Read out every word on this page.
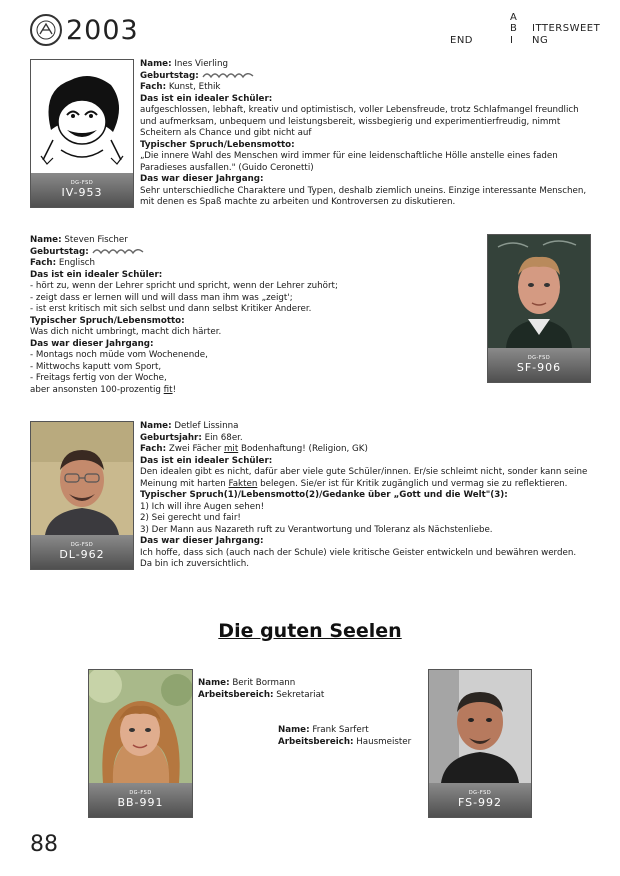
2003	A
B ITTERSWEET
END	I NG
DG-FSD
IV-953

Name: Ines Vierling

Geburtstag:

Fach: Kunst, Ethik

Das ist ein idealer Schüler:

aufgeschlossen, lebhaft, kreativ und optimistisch, voller Lebensfreude, trotz Schlafmangel freundlich und aufmerksam, unbequem und leistungsbereit, wissbegierig und experimentierfreudig, nimmt Scheitern als Chance und gibt nicht auf

Typischer Spruch/Lebensmotto:

„Die innere Wahl des Menschen wird immer für eine leidenschaftliche Hölle anstelle eines faden Paradieses ausfallen." (Guido Ceronetti)

Das war dieser Jahrgang:

Sehr unterschiedliche Charaktere und Typen, deshalb ziemlich uneins. Einzige interessante Menschen, mit denen es Spaß machte zu arbeiten und Kontroversen zu diskutieren.

Name: Steven Fischer

Geburtstag:

Fach: Englisch

Das ist ein idealer Schüler:

- hört zu, wenn der Lehrer spricht und spricht, wenn der Lehrer zuhört;

- zeigt dass er lernen will und will dass man ihm was „zeigt';

- ist erst kritisch mit sich selbst und dann selbst Kritiker Anderer.

Typischer Spruch/Lebensmotto:

Was dich nicht umbringt, macht dich härter.

Das war dieser Jahrgang:

- Montags noch müde vom Wochenende,

- Mittwochs kaputt vom Sport,

- Freitags fertig von der Woche,

aber ansonsten 100-prozentig fit!

DG-FSD
SF-906
DG-FSD
DL-962

Name: Detlef Lissinna

Geburtsjahr: Ein 68er.

Fach: Zwei Fächer mit Bodenhaftung! (Religion, GK)

Das ist ein idealer Schüler:

Den idealen gibt es nicht, dafür aber viele gute Schüler/innen. Er/sie schleimt nicht, sonder kann seine Meinung mit harten Fakten belegen. Sie/er ist für Kritik zugänglich und vermag sie zu reflektieren.

Typischer Spruch(1)/Lebensmotto(2)/Gedanke über „Gott und die Welt"(3):

1) Ich will ihre Augen sehen!

2) Sei gerecht und fair!

3) Der Mann aus Nazareth ruft zu Verantwortung und Toleranz als Nächstenliebe.

Das war dieser Jahrgang:

Ich hoffe, dass sich (auch nach der Schule) viele kritische Geister entwickeln und bewähren werden. Da bin ich zuversichtlich.

Die guten Seelen
DG-FSD
BB-991

Name: Berit Bormann

Arbeitsbereich: Sekretariat

Name: Frank Sarfert

Arbeitsbereich: Hausmeister

DG-FSD
FS-992
88
